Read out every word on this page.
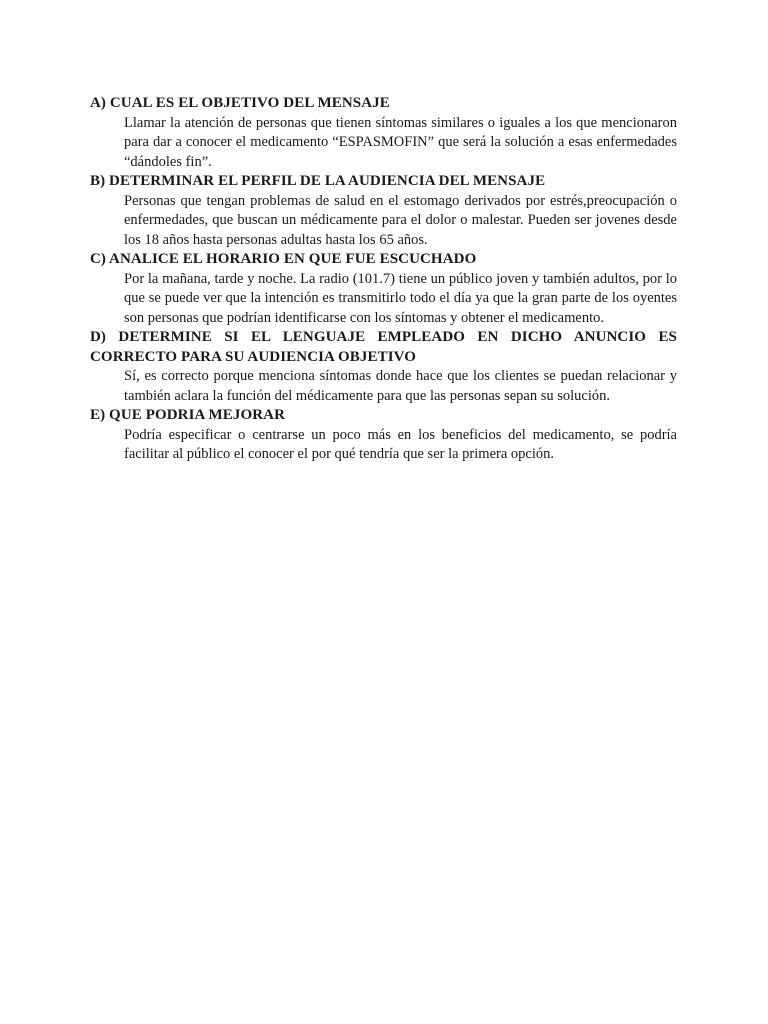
A) CUAL ES EL OBJETIVO DEL MENSAJE

Llamar la atención de personas que tienen síntomas similares o iguales a los que mencionaron para dar a conocer el medicamento “ESPASMOFIN” que será la solución a esas enfermedades “dándoles fin”.

B) DETERMINAR EL PERFIL DE LA AUDIENCIA DEL MENSAJE

Personas que tengan problemas de salud en el estomago derivados por estrés,preocupación o enfermedades, que buscan un médicamente para el dolor o malestar. Pueden ser jovenes desde los 18 años hasta personas adultas hasta los 65 años.

C) ANALICE EL HORARIO EN QUE FUE ESCUCHADO

Por la mañana, tarde y noche. La radio (101.7) tiene un público joven y también adultos, por lo que se puede ver que la intención es transmitirlo todo el día ya que la gran parte de los oyentes son personas que podrían identificarse con los síntomas y obtener el medicamento.

D) DETERMINE SI EL LENGUAJE EMPLEADO EN DICHO ANUNCIO ES CORRECTO PARA SU AUDIENCIA OBJETIVO

Sí, es correcto porque menciona síntomas donde hace que los clientes se puedan relacionar y también aclara la función del médicamente para que las personas sepan su solución.

E) QUE PODRIA MEJORAR

Podría especificar o centrarse un poco más en los beneficios del medicamento, se podría facilitar al público el conocer el por qué tendría que ser la primera opción.
